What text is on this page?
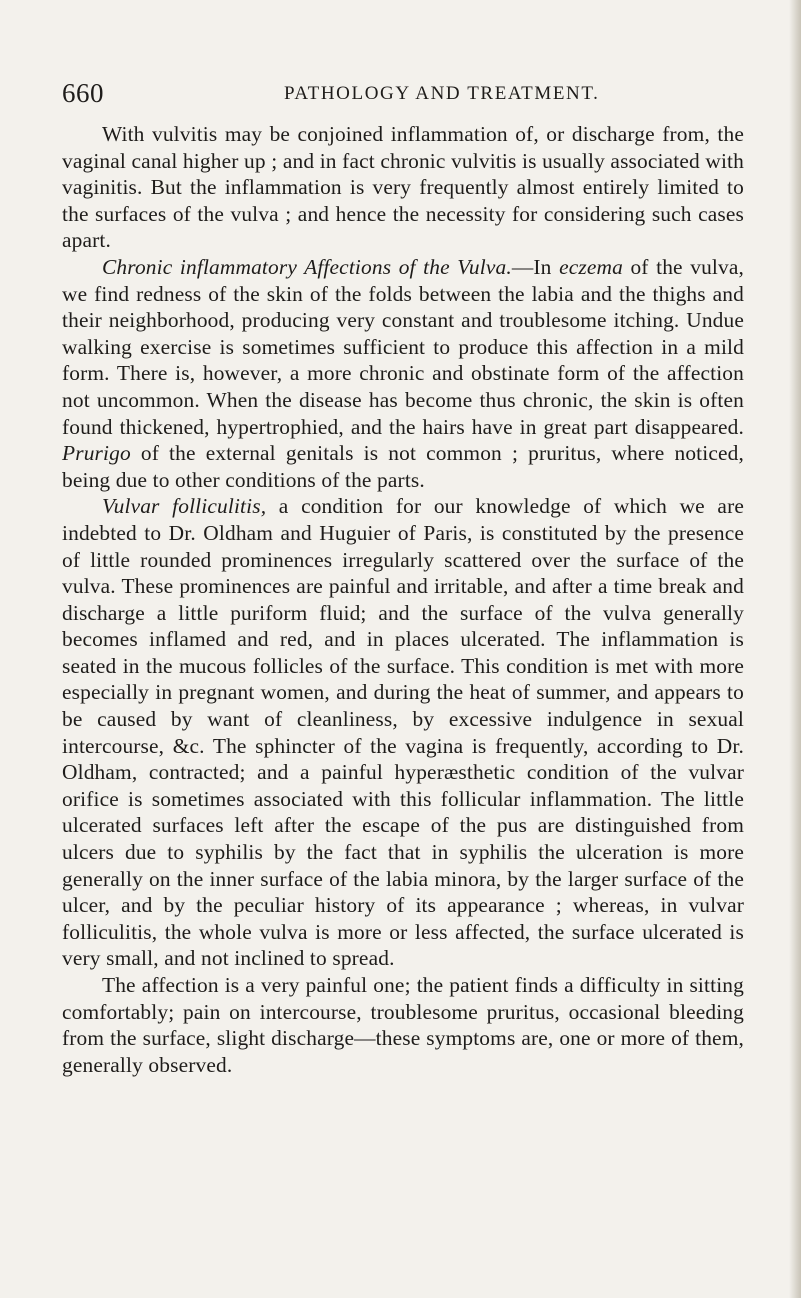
660	PATHOLOGY AND TREATMENT.

With vulvitis may be conjoined inflammation of, or discharge from, the vaginal canal higher up ; and in fact chronic vulvitis is usually associated with vaginitis. But the inflammation is very frequently almost entirely limited to the surfaces of the vulva ; and hence the necessity for considering such cases apart.

Chronic inflammatory Affections of the Vulva.—In eczema of the vulva, we find redness of the skin of the folds between the labia and the thighs and their neighborhood, producing very constant and troublesome itching. Undue walking exercise is sometimes sufficient to produce this affection in a mild form. There is, however, a more chronic and obstinate form of the affection not uncommon. When the disease has become thus chronic, the skin is often found thickened, hypertrophied, and the hairs have in great part disappeared. Prurigo of the external genitals is not common ; pruritus, where noticed, being due to other conditions of the parts.

Vulvar folliculitis, a condition for our knowledge of which we are indebted to Dr. Oldham and Huguier of Paris, is constituted by the presence of little rounded prominences irregularly scattered over the surface of the vulva. These prominences are painful and irritable, and after a time break and discharge a little puriform fluid; and the surface of the vulva generally becomes inflamed and red, and in places ulcerated. The inflammation is seated in the mucous follicles of the surface. This condition is met with more especially in pregnant women, and during the heat of summer, and appears to be caused by want of cleanliness, by excessive indulgence in sexual intercourse, &c. The sphincter of the vagina is frequently, according to Dr. Oldham, contracted; and a painful hyperæsthetic condition of the vulvar orifice is sometimes associated with this follicular inflammation. The little ulcerated surfaces left after the escape of the pus are distinguished from ulcers due to syphilis by the fact that in syphilis the ulceration is more generally on the inner surface of the labia minora, by the larger surface of the ulcer, and by the peculiar history of its appearance ; whereas, in vulvar folliculitis, the whole vulva is more or less affected, the surface ulcerated is very small, and not inclined to spread.

The affection is a very painful one; the patient finds a difficulty in sitting comfortably; pain on intercourse, troublesome pruritus, occasional bleeding from the surface, slight discharge—these symptoms are, one or more of them, generally observed.
